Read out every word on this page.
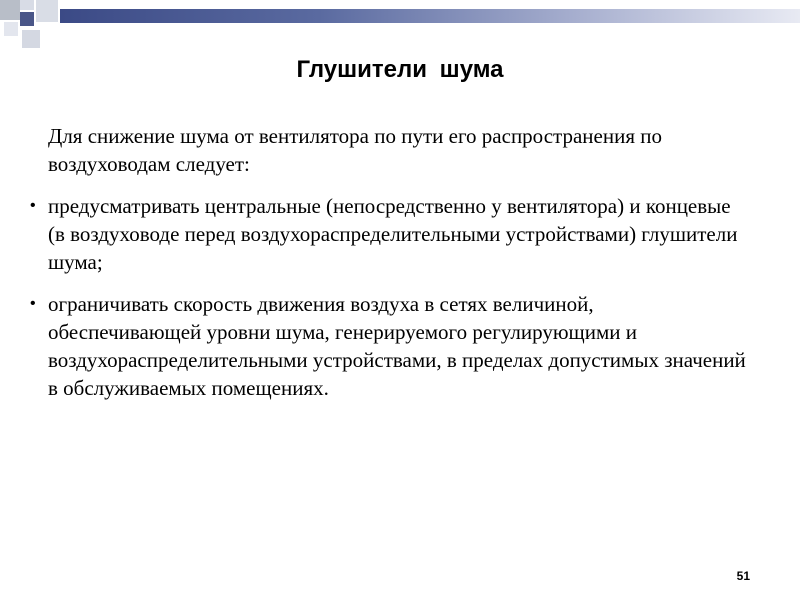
Глушители шума

Для снижение шума от вентилятора по пути его распространения по воздуховодам следует:

• предусматривать центральные (непосредственно у вентилятора) и концевые (в воздуховоде перед воздухораспределительными устройствами) глушители шума;
• ограничивать скорость движения воздуха в сетях величиной, обеспечивающей уровни шума, генерируемого регулирующими и воздухораспределительными устройствами, в пределах допустимых значений в обслуживаемых помещениях.
51
